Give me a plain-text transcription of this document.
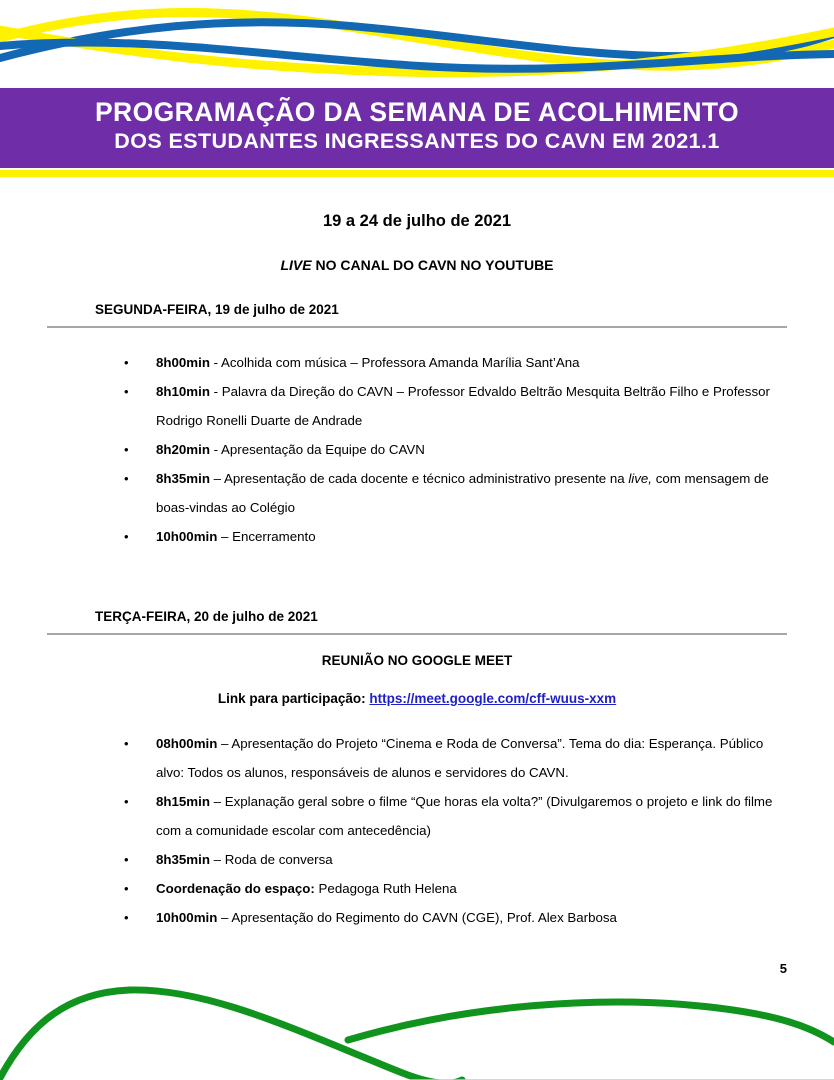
PROGRAMAÇÃO DA SEMANA DE ACOLHIMENTO
DOS ESTUDANTES INGRESSANTES DO CAVN EM 2021.1
19 a 24 de julho de 2021
LIVE NO CANAL DO CAVN NO YOUTUBE
SEGUNDA-FEIRA, 19 de julho de 2021
•
8h00min - Acolhida com música – Professora Amanda Marília Sant’Ana
•
8h10min - Palavra da Direção do CAVN – Professor Edvaldo Beltrão Mesquita Beltrão Filho e Professor Rodrigo Ronelli Duarte de Andrade
•
8h20min - Apresentação da Equipe do CAVN
•
8h35min – Apresentação de cada docente e técnico administrativo presente na live, com mensagem de boas-vindas ao Colégio
•
10h00min – Encerramento
TERÇA-FEIRA, 20 de julho de 2021
REUNIÃO NO GOOGLE MEET
Link para participação: https://meet.google.com/cff-wuus-xxm
•
08h00min – Apresentação do Projeto “Cinema e Roda de Conversa”. Tema do dia: Esperança. Público alvo: Todos os alunos, responsáveis de alunos e servidores do CAVN.
•
8h15min – Explanação geral sobre o filme “Que horas ela volta?” (Divulgaremos o projeto e link do filme com a comunidade escolar com antecedência)
•
8h35min – Roda de conversa
•
Coordenação do espaço: Pedagoga Ruth Helena
•
10h00min – Apresentação do Regimento do CAVN (CGE), Prof. Alex Barbosa
5
